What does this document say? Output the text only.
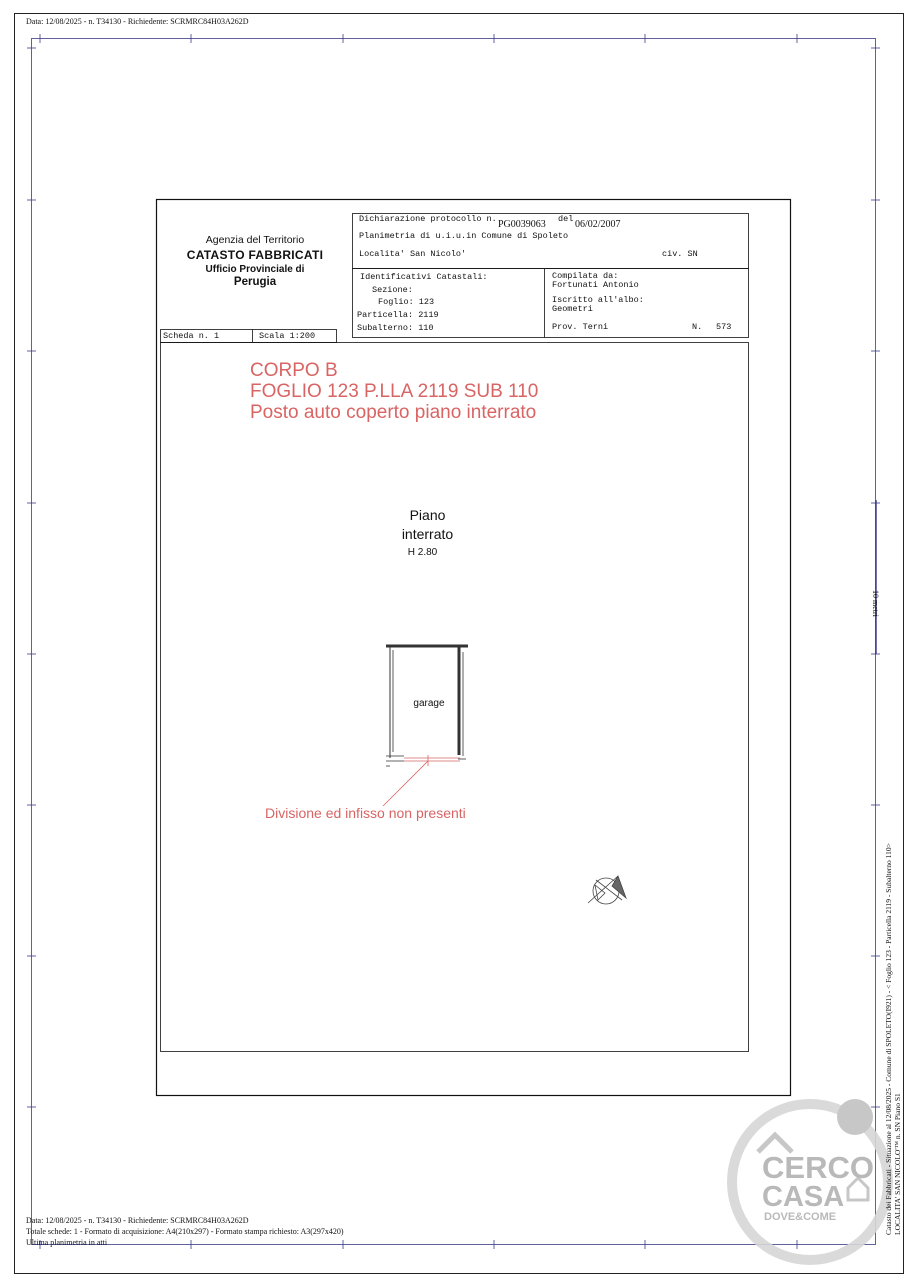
Data: 12/08/2025 - n. T34130 - Richiedente: SCRMRC84H03A262D
Agenzia del Territorio
CATASTO FABBRICATI
Ufficio Provinciale di
Perugia
Dichiarazione protocollo n. PG0039063 del 06/02/2007
Planimetria di u.i.u.in Comune di Spoleto
Localita' San Nicolo'	civ. SN
Identificativi Catastali:
Sezione:
Foglio: 123
Particella: 2119
Subalterno: 110
Compilata da:
Fortunati Antonio
Iscritto all'albo:
Geometri
Prov. Terni	N. 573
Scheda n. 1	Scala 1:200
CORPO B
FOGLIO 123 P.LLA 2119 SUB 110
Posto auto coperto piano interrato
Piano
interrato
H 2.80
garage
Divisione ed infisso non presenti
10 metri
Catasto dei Fabbricati - Situazione al 12/08/2025 - Comune di SPOLETO(I921) - < Foglio 123 - Particella 2119 - Subalterno 110> LOCALITA' SAN NICOLO'™ n. SN Piano S1
CERCO
CASA
DOVE&COME
Data: 12/08/2025 - n. T34130 - Richiedente: SCRMRC84H03A262D
Totale schede: 1 - Formato di acquisizione: A4(210x297) - Formato stampa richiesto: A3(297x420)
Ultima planimetria in atti
